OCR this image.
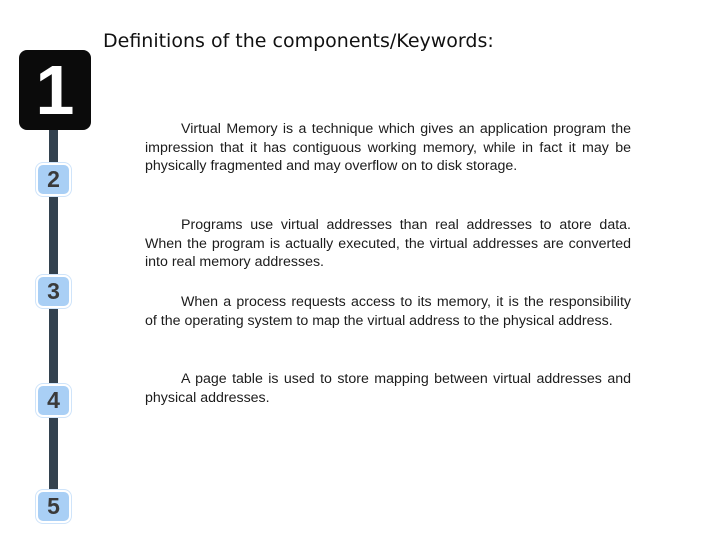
1
2
3
4
5
Definitions of the components/Keywords:

Virtual Memory is a technique which gives an application program the impression that it has contiguous working memory, while in fact it may be physically fragmented and may overflow on to disk storage.

Programs use virtual addresses than real addresses to atore data. When the program is actually executed, the virtual addresses are converted into real memory addresses.

When a process requests access to its memory, it is the responsibility of the operating system to map the virtual address to the physical address.

A page table is used to store mapping between virtual addresses and physical addresses.
